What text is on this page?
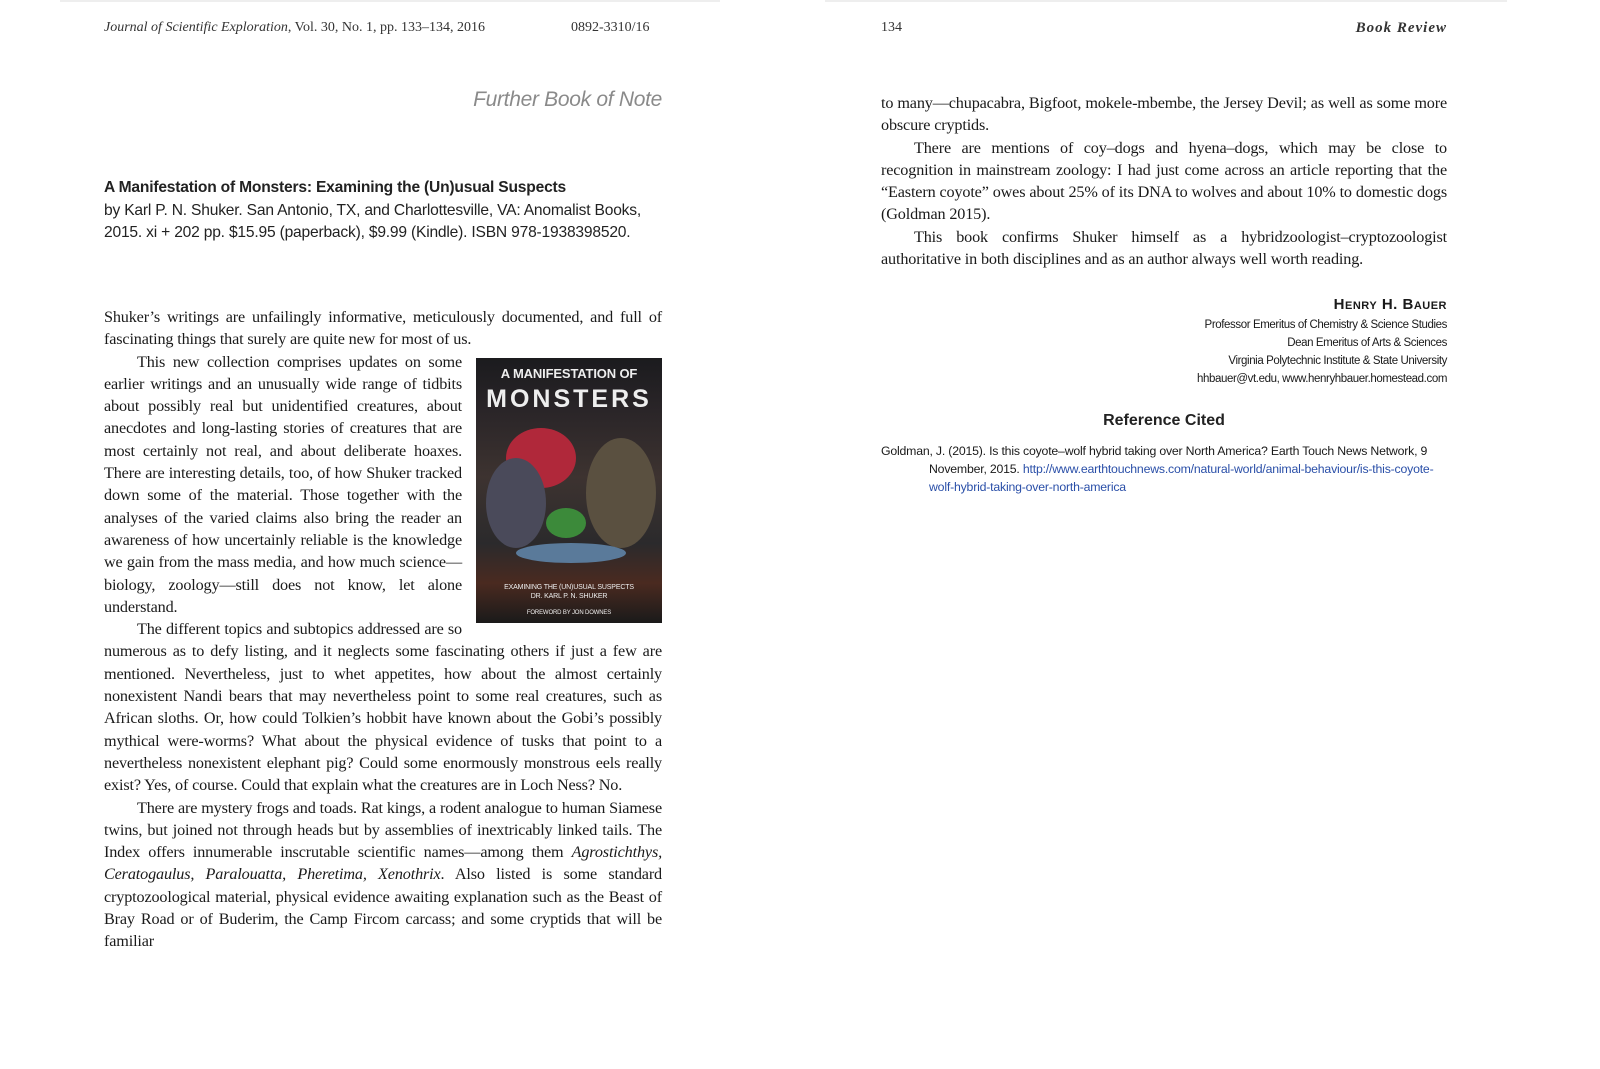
Journal of Scientific Exploration, Vol. 30, No. 1, pp. 133–134, 2016	0892-3310/16
Further Book of Note
A Manifestation of Monsters: Examining the (Un)usual Suspects
by Karl P. N. Shuker. San Antonio, TX, and Charlottesville, VA: Anomalist Books, 2015. xi + 202 pp. $15.95 (paperback), $9.99 (Kindle). ISBN 978-1938398520.

Shuker’s writings are unfailingly informative, meticulously documented, and full of fascinating things that surely are quite new for most of us.

A MANIFESTATION OF
MONSTERS
EXAMINING THE (UN)USUAL SUSPECTS
DR. KARL P. N. SHUKER
FOREWORD BY JON DOWNES
This new collection comprises updates on some earlier writings and an unusually wide range of tidbits about possibly real but unidentified creatures, about anecdotes and long-lasting stories of creatures that are most certainly not real, and about deliberate hoaxes. There are interesting details, too, of how Shuker tracked down some of the material. Those together with the analyses of the varied claims also bring the reader an awareness of how uncertainly reliable is the knowledge we gain from the mass media, and how much science—biology, zoology—still does not know, let alone understand.

The different topics and subtopics addressed are so numerous as to defy listing, and it neglects some fascinating others if just a few are mentioned. Nevertheless, just to whet appetites, how about the almost certainly nonexistent Nandi bears that may nevertheless point to some real creatures, such as African sloths. Or, how could Tolkien’s hobbit have known about the Gobi’s possibly mythical were-worms? What about the physical evidence of tusks that point to a nevertheless nonexistent elephant pig? Could some enormously monstrous eels really exist? Yes, of course. Could that explain what the creatures are in Loch Ness? No.

There are mystery frogs and toads. Rat kings, a rodent analogue to human Siamese twins, but joined not through heads but by assemblies of inextricably linked tails. The Index offers innumerable inscrutable scientific names—among them Agrostichthys, Ceratogaulus, Paralouatta, Pheretima, Xenothrix. Also listed is some standard cryptozoological material, physical evidence awaiting explanation such as the Beast of Bray Road or of Buderim, the Camp Fircom carcass; and some cryptids that will be familiar

134	Book Review

to many—chupacabra, Bigfoot, mokele-mbembe, the Jersey Devil; as well as some more obscure cryptids.

There are mentions of coy–dogs and hyena–dogs, which may be close to recognition in mainstream zoology: I had just come across an article reporting that the “Eastern coyote” owes about 25% of its DNA to wolves and about 10% to domestic dogs (Goldman 2015).

This book confirms Shuker himself as a hybridzoologist–cryptozoologist authoritative in both disciplines and as an author always well worth reading.

Henry H. Bauer
Professor Emeritus of Chemistry & Science Studies
Dean Emeritus of Arts & Sciences
Virginia Polytechnic Institute & State University
hhbauer@vt.edu, www.henryhbauer.homestead.com
Reference Cited
Goldman, J. (2015). Is this coyote–wolf hybrid taking over North America? Earth Touch News Network, 9 November, 2015. http://www.earthtouchnews.com/natural-world/animal-behaviour/is-this-coyote-wolf-hybrid-taking-over-north-america
